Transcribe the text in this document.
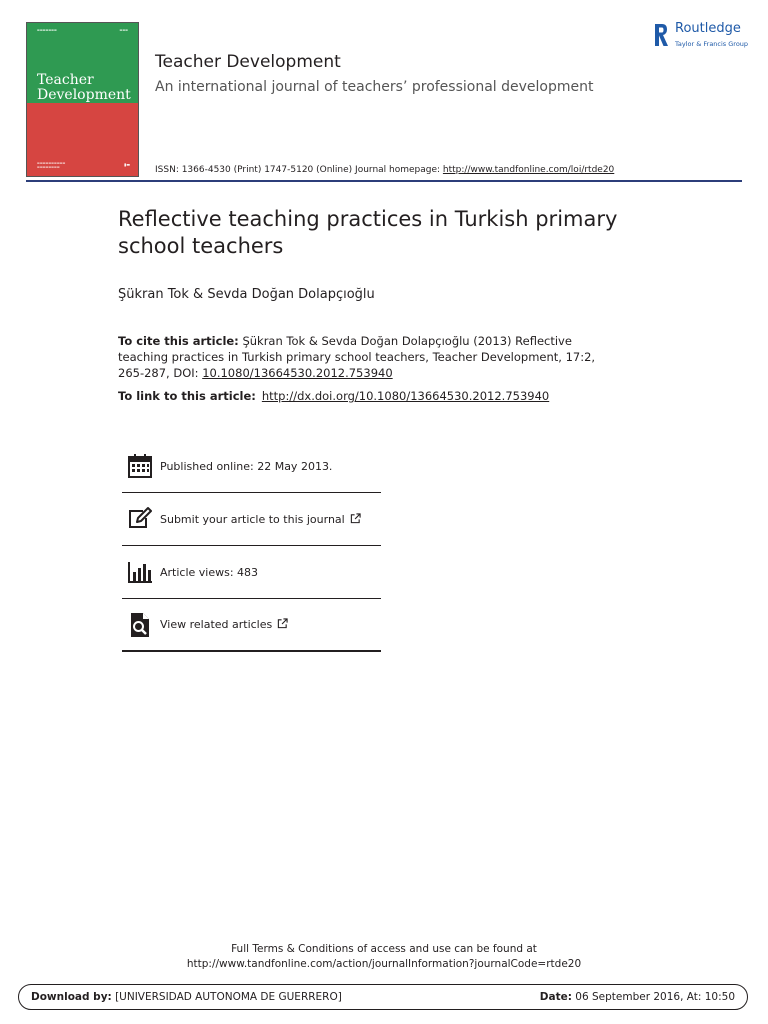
▬▬▬▬▬▬▬	▬▬▬
Teacher
Development
▬▬▬▬▬▬▬▬▬▬
▬▬▬▬▬▬▬▬	▮▬
Teacher Development
An international journal of teachers’ professional development
ISSN: 1366-4530 (Print) 1747-5120 (Online) Journal homepage: http://www.tandfonline.com/loi/rtde20
Routledge
Taylor & Francis Group
Reflective teaching practices in Turkish primary school teachers
Şükran Tok & Sevda Doğan Dolapçıoğlu
To cite this article: Şükran Tok & Sevda Doğan Dolapçıoğlu (2013) Reflective teaching practices in Turkish primary school teachers, Teacher Development, 17:2, 265-287, DOI: 10.1080/13664530.2012.753940
To link to this article: http://dx.doi.org/10.1080/13664530.2012.753940
Published online: 22 May 2013.
Submit your article to this journal
Article views: 483
View related articles
Full Terms & Conditions of access and use can be found at
http://www.tandfonline.com/action/journalInformation?journalCode=rtde20
Download by: [UNIVERSIDAD AUTONOMA DE GUERRERO]	Date: 06 September 2016, At: 10:50
